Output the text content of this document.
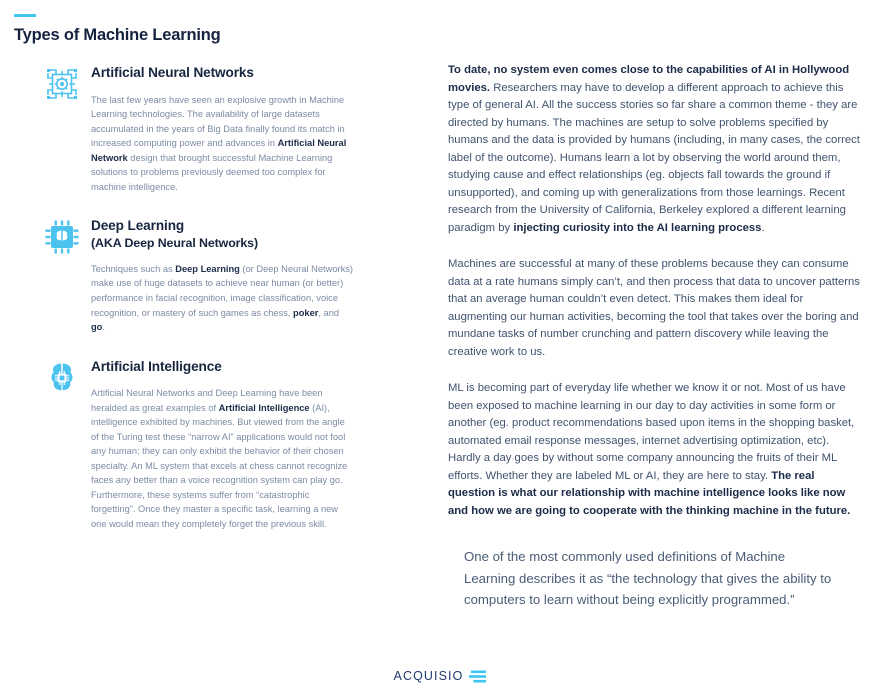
Types of Machine Learning
Artificial Neural Networks

The last few years have seen an explosive growth in Machine Learning technologies. The availability of large datasets accumulated in the years of Big Data finally found its match in increased computing power and advances in Artificial Neural Network design that brought successful Machine Learning solutions to problems previously deemed too complex for machine intelligence.

Deep Learning
(AKA Deep Neural Networks)

Techniques such as Deep Learning (or Deep Neural Networks) make use of huge datasets to achieve near human (or better) performance in facial recognition, image classification, voice recognition, or mastery of such games as chess, poker, and go.

Artificial Intelligence

Artificial Neural Networks and Deep Learning have been heralded as great examples of Artificial Intelligence (AI), intelligence exhibited by machines. But viewed from the angle of the Turing test these “narrow AI” applications would not fool any human; they can only exhibit the behavior of their chosen specialty. An ML system that excels at chess cannot recognize faces any better than a voice recognition system can play go. Furthermore, these systems suffer from “catastrophic forgetting”. Once they master a specific task, learning a new one would mean they completely forget the previous skill.

To date, no system even comes close to the capabilities of AI in Hollywood movies. Researchers may have to develop a different approach to achieve this type of general AI. All the success stories so far share a common theme - they are directed by humans. The machines are setup to solve problems specified by humans and the data is provided by humans (including, in many cases, the correct label of the outcome). Humans learn a lot by observing the world around them, studying cause and effect relationships (eg. objects fall towards the ground if unsupported), and coming up with generalizations from those learnings. Recent research from the University of California, Berkeley explored a different learning paradigm by injecting curiosity into the AI learning process.

Machines are successful at many of these problems because they can consume data at a rate humans simply can’t, and then process that data to uncover patterns that an average human couldn’t even detect. This makes them ideal for augmenting our human activities, becoming the tool that takes over the boring and mundane tasks of number crunching and pattern discovery while leaving the creative work to us.

ML is becoming part of everyday life whether we know it or not. Most of us have been exposed to machine learning in our day to day activities in some form or another (eg. product recommendations based upon items in the shopping basket, automated email response messages, internet advertising optimization, etc). Hardly a day goes by without some company announcing the fruits of their ML efforts. Whether they are labeled ML or AI, they are here to stay. The real question is what our relationship with machine intelligence looks like now and how we are going to cooperate with the thinking machine in the future.

One of the most commonly used definitions of Machine Learning describes it as “the technology that gives the ability to computers to learn without being explicitly programmed.”

ACQUISIO
